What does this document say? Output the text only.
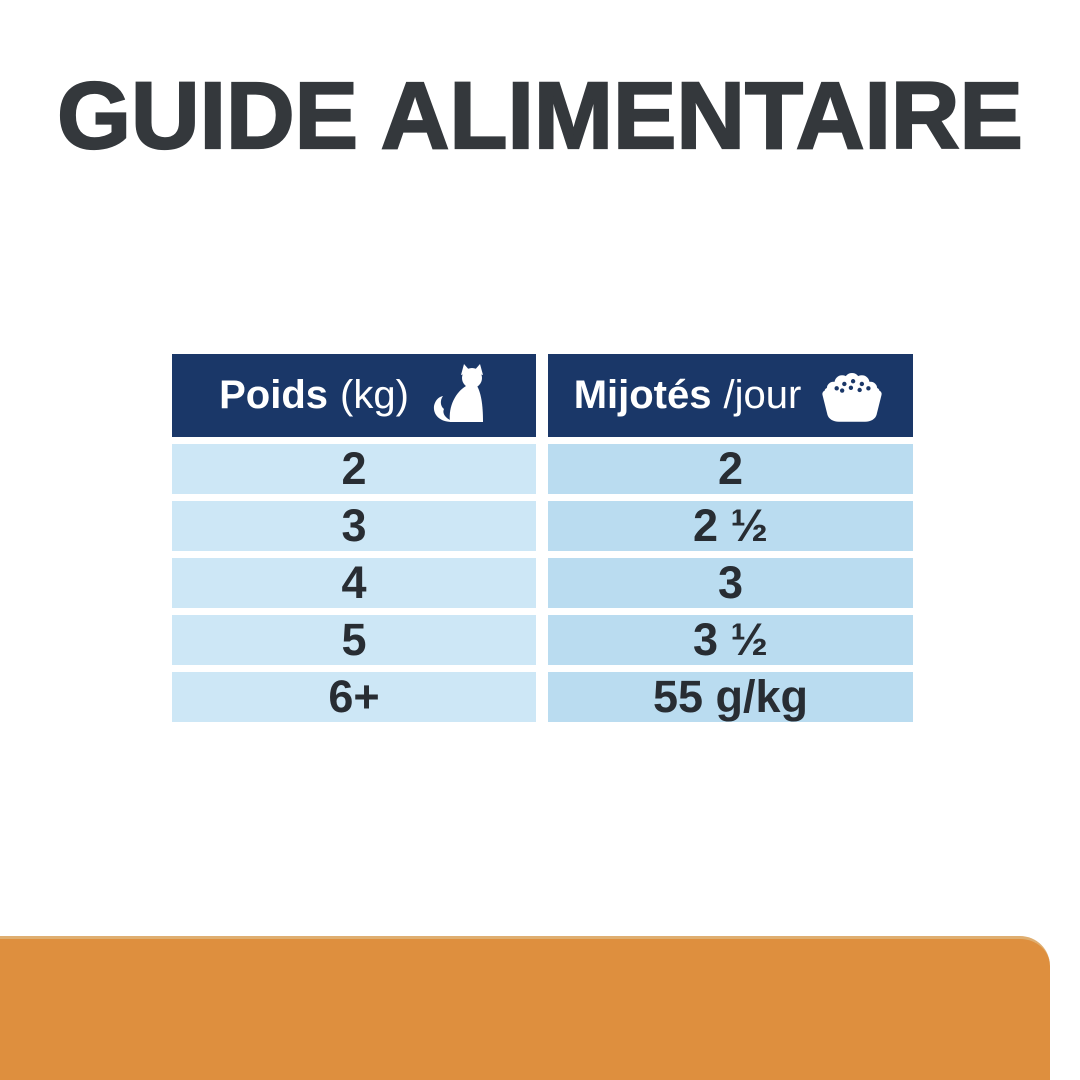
GUIDE ALIMENTAIRE
Poids (kg)	Mijotés /jour
2	2
3	2 ½
4	3
5	3 ½
6+	55 g/kg
